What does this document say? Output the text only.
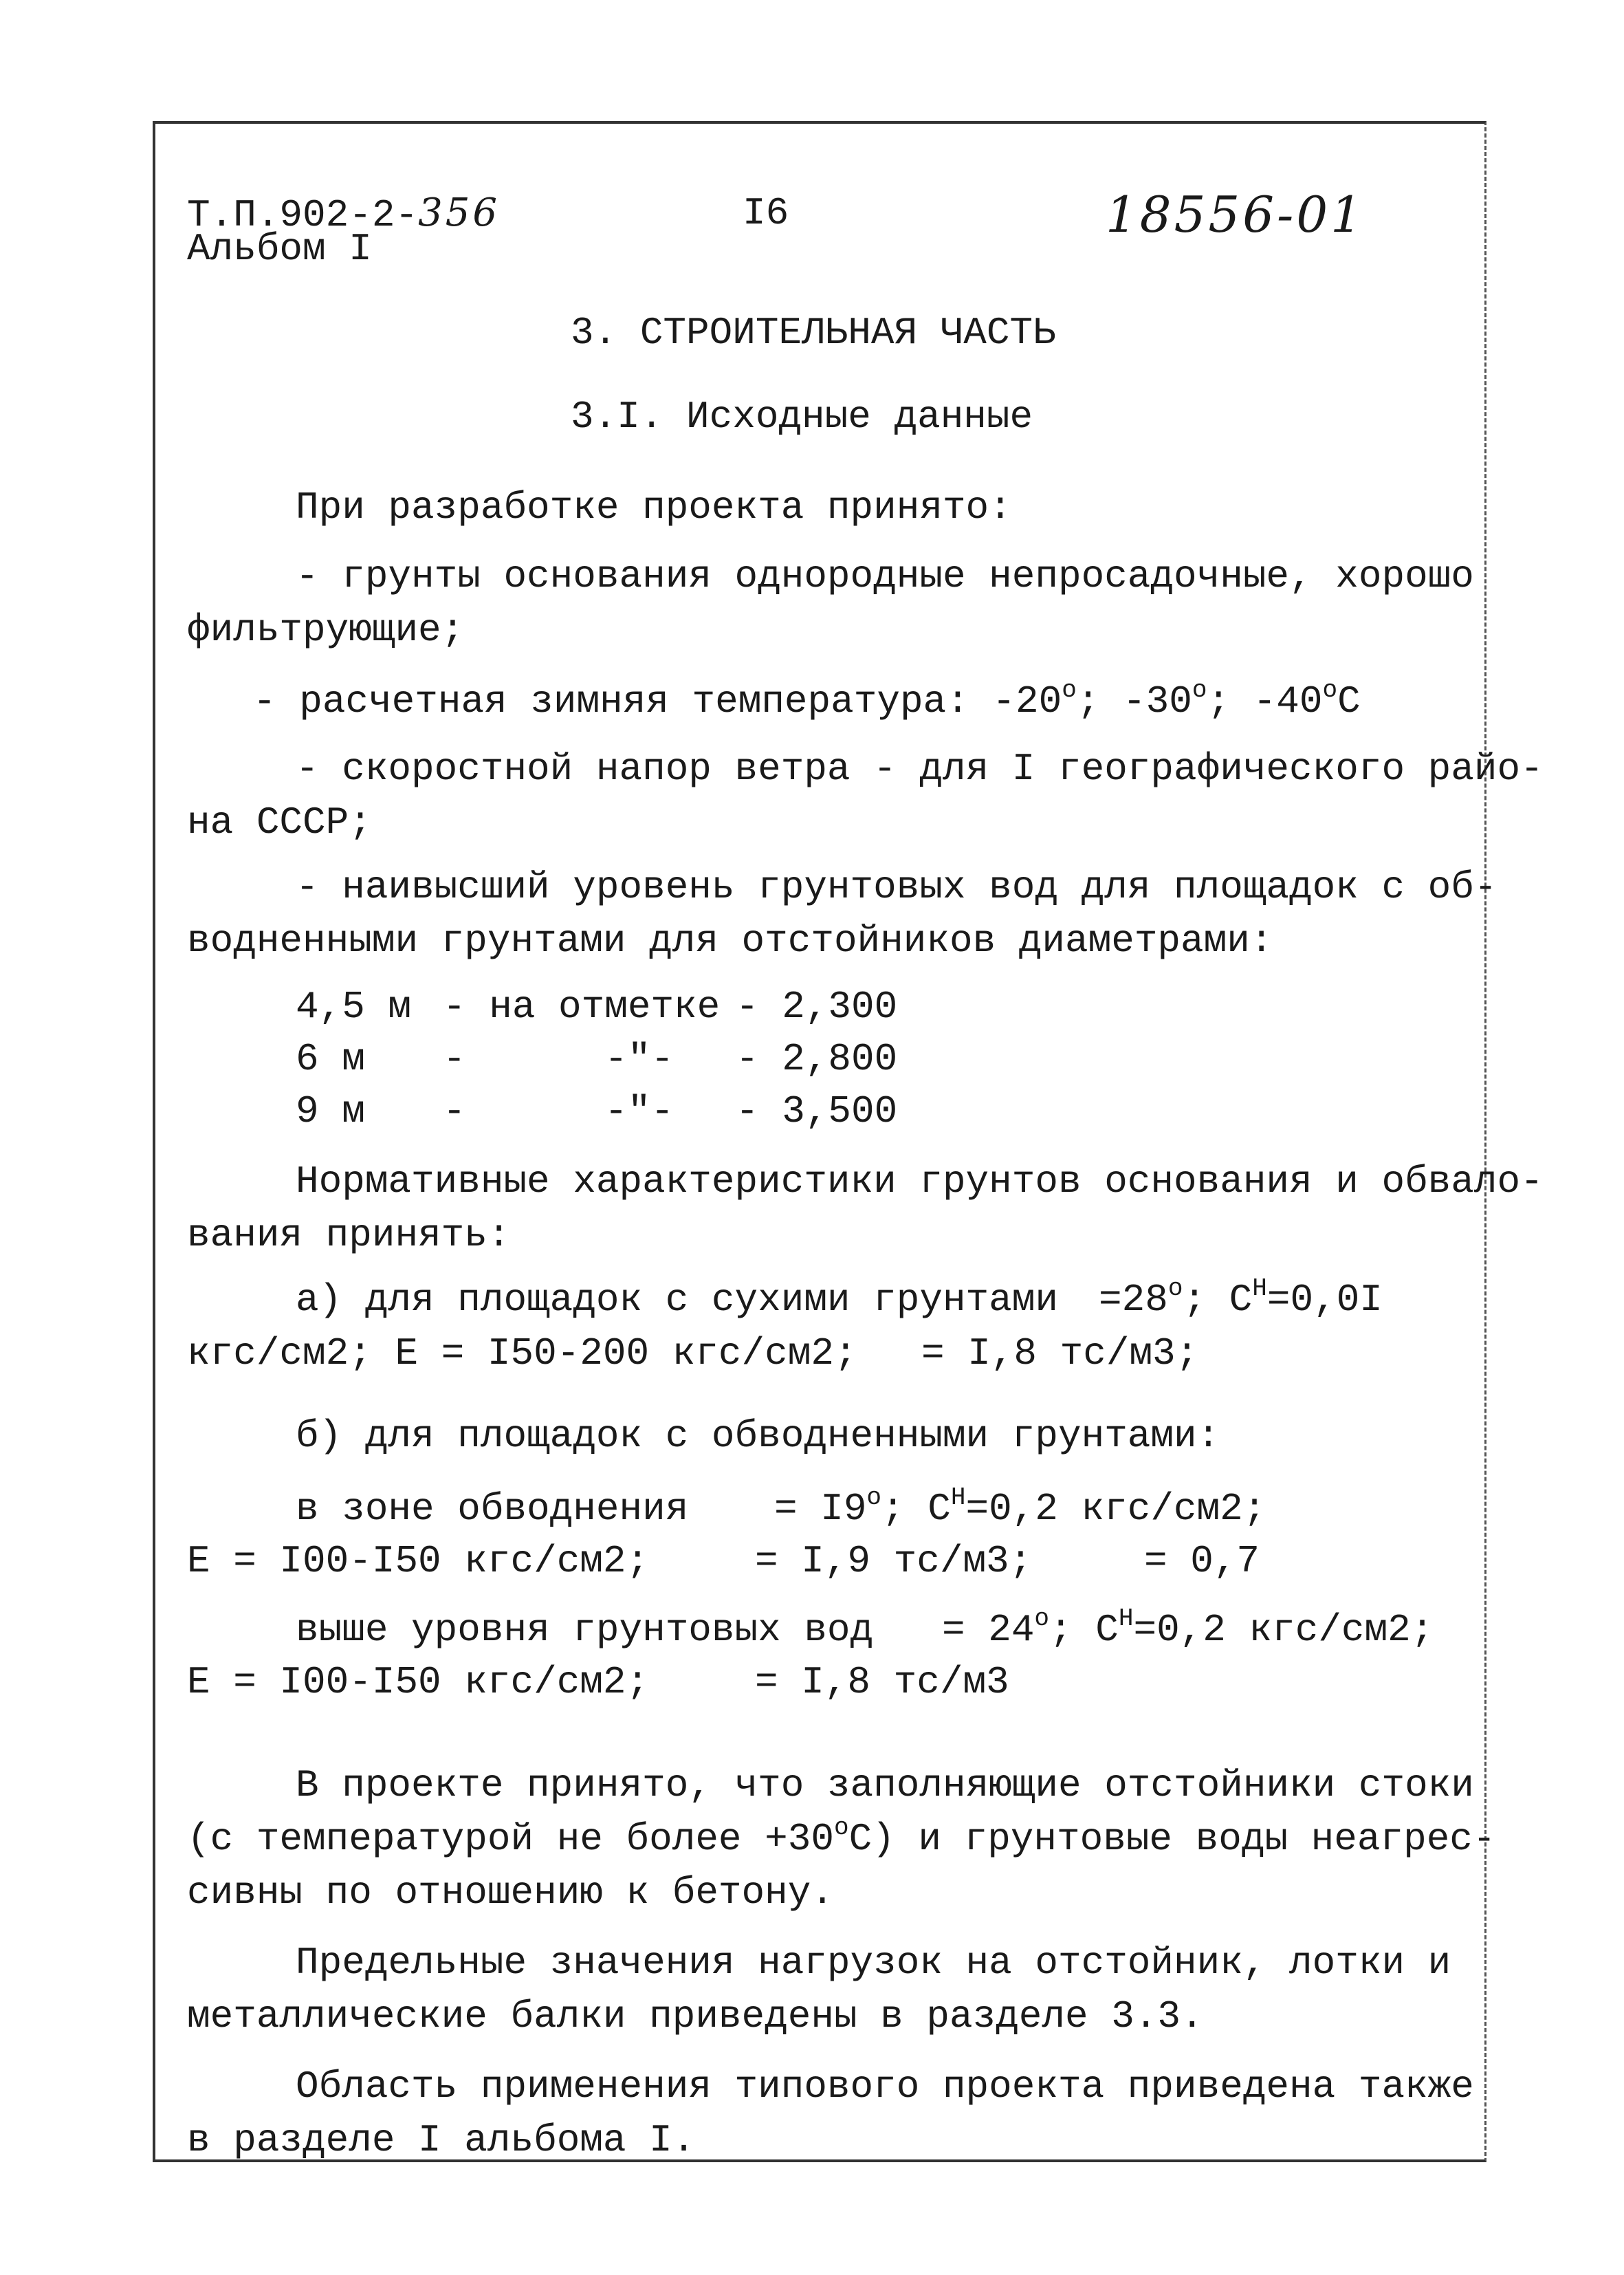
Т.П.902-2-356
Альбом I
I6	18556-01
3. СТРОИТЕЛЬНАЯ ЧАСТЬ
3.I. Исходные данные
При разработке проекта принято:
- грунты основания однородные непросадочные, хорошо
фильтрующие;
- расчетная зимняя температура: $-20^о$; $-30^о$; $-40^оC$
- скоростной напор ветра - для I географического райо-
на СССР;
- наивысший уровень грунтовых вод для площадок с об-
водненными грунтами для отстойников диаметрами:
4,5 м - на отметке - 2,300
6 м -      -"- - 2,800
9 м -      -"- - 3,500
Нормативные характеристики грунтов основания и обвало-
вания принять:
а) для площадок с сухими грунтами $=28^о$; $C^Н=0,0I$
кгс/см2; E = I50-200 кгс/см2; = I,8 тс/м3;
б) для площадок с обводненными грунтами:
в зоне обводнения = $I9^о$; $C^Н=0,2$ кгс/см2;
E = I00-I50 кгс/см2;	= I,9 тс/м3;	= 0,7
выше уровня грунтовых вод = $24^о$; $C^Н=0,2$ кгс/см2;
E = I00-I50 кгс/см2;	= I,8 тс/м3
В проекте принято, что заполняющие отстойники стоки
(с температурой не более $+30^оС$) и грунтовые воды неагрес-
сивны по отношению к бетону.
Предельные значения нагрузок на отстойник, лотки и
металлические балки приведены в разделе 3.3.
Область применения типового проекта приведена также
в разделе I альбома I.
